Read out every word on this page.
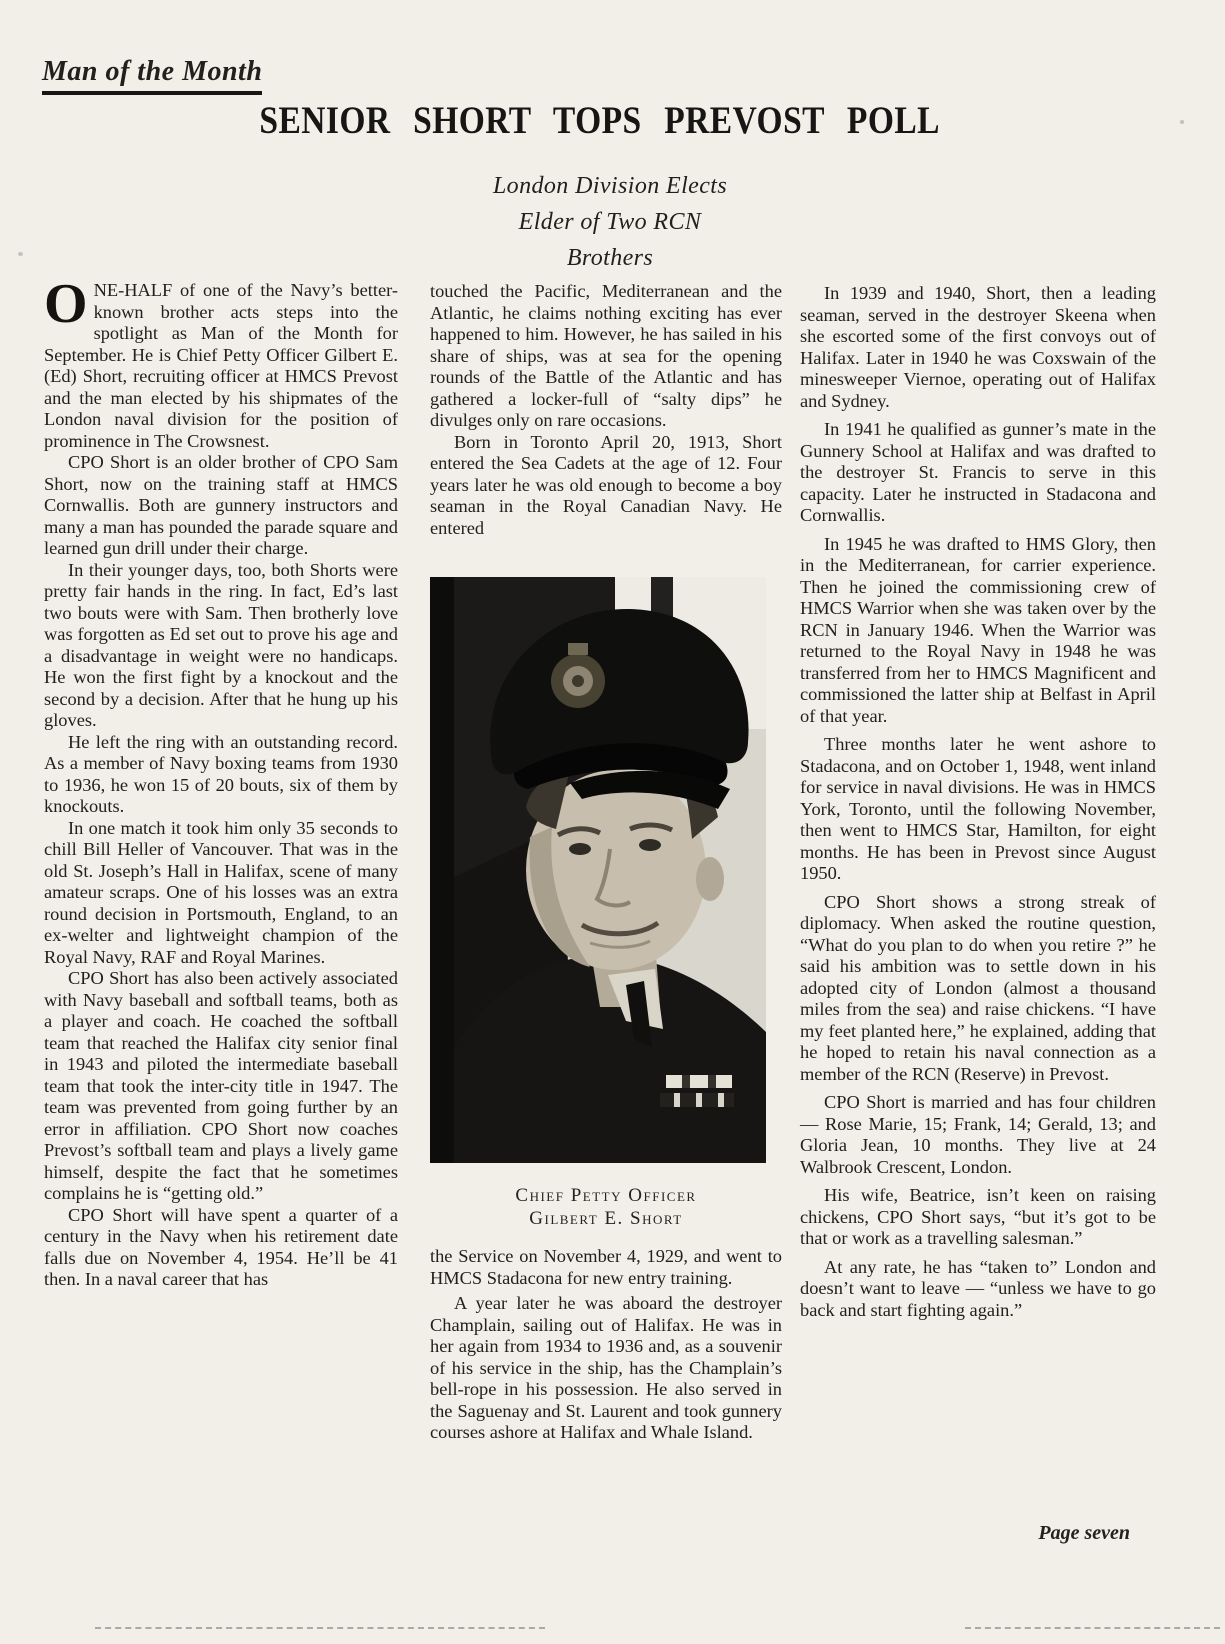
Man of the Month
SENIOR SHORT TOPS PREVOST POLL
London Division Elects
Elder of Two RCN
Brothers

ONE-HALF of one of the Navy’s better-known brother acts steps into the spotlight as Man of the Month for September. He is Chief Petty Officer Gilbert E. (Ed) Short, recruiting officer at HMCS Prevost and the man elected by his shipmates of the London naval division for the position of prominence in The Crowsnest.

CPO Short is an older brother of CPO Sam Short, now on the training staff at HMCS Cornwallis. Both are gunnery instructors and many a man has pounded the parade square and learned gun drill under their charge.

In their younger days, too, both Shorts were pretty fair hands in the ring. In fact, Ed’s last two bouts were with Sam. Then brotherly love was forgotten as Ed set out to prove his age and a disadvantage in weight were no handicaps. He won the first fight by a knockout and the second by a decision. After that he hung up his gloves.

He left the ring with an outstanding record. As a member of Navy boxing teams from 1930 to 1936, he won 15 of 20 bouts, six of them by knockouts.

In one match it took him only 35 seconds to chill Bill Heller of Vancouver. That was in the old St. Joseph’s Hall in Halifax, scene of many amateur scraps. One of his losses was an extra round decision in Portsmouth, England, to an ex-welter and lightweight champion of the Royal Navy, RAF and Royal Marines.

CPO Short has also been actively associated with Navy baseball and softball teams, both as a player and coach. He coached the softball team that reached the Halifax city senior final in 1943 and piloted the intermediate baseball team that took the inter-city title in 1947. The team was prevented from going further by an error in affiliation. CPO Short now coaches Prevost’s softball team and plays a lively game himself, despite the fact that he sometimes complains he is “getting old.”

CPO Short will have spent a quarter of a century in the Navy when his retirement date falls due on November 4, 1954. He’ll be 41 then. In a naval career that has

touched the Pacific, Mediterranean and the Atlantic, he claims nothing exciting has ever happened to him. However, he has sailed in his share of ships, was at sea for the opening rounds of the Battle of the Atlantic and has gathered a locker-full of “salty dips” he divulges only on rare occasions.

Born in Toronto April 20, 1913, Short entered the Sea Cadets at the age of 12. Four years later he was old enough to become a boy seaman in the Royal Canadian Navy. He entered

Chief Petty Officer
Gilbert E. Short

the Service on November 4, 1929, and went to HMCS Stadacona for new entry training.

A year later he was aboard the destroyer Champlain, sailing out of Halifax. He was in her again from 1934 to 1936 and, as a souvenir of his service in the ship, has the Champlain’s bell-rope in his possession. He also served in the Saguenay and St. Laurent and took gunnery courses ashore at Halifax and Whale Island.

In 1939 and 1940, Short, then a leading seaman, served in the destroyer Skeena when she escorted some of the first convoys out of Halifax. Later in 1940 he was Coxswain of the minesweeper Viernoe, operating out of Halifax and Sydney.

In 1941 he qualified as gunner’s mate in the Gunnery School at Halifax and was drafted to the destroyer St. Francis to serve in this capacity. Later he instructed in Stadacona and Cornwallis.

In 1945 he was drafted to HMS Glory, then in the Mediterranean, for carrier experience. Then he joined the commissioning crew of HMCS Warrior when she was taken over by the RCN in January 1946. When the Warrior was returned to the Royal Navy in 1948 he was transferred from her to HMCS Magnificent and commissioned the latter ship at Belfast in April of that year.

Three months later he went ashore to Stadacona, and on October 1, 1948, went inland for service in naval divisions. He was in HMCS York, Toronto, until the following November, then went to HMCS Star, Hamilton, for eight months. He has been in Prevost since August 1950.

CPO Short shows a strong streak of diplomacy. When asked the routine question, “What do you plan to do when you retire ?” he said his ambition was to settle down in his adopted city of London (almost a thousand miles from the sea) and raise chickens. “I have my feet planted here,” he explained, adding that he hoped to retain his naval connection as a member of the RCN (Reserve) in Prevost.

CPO Short is married and has four children — Rose Marie, 15; Frank, 14; Gerald, 13; and Gloria Jean, 10 months. They live at 24 Walbrook Crescent, London.

His wife, Beatrice, isn’t keen on raising chickens, CPO Short says, “but it’s got to be that or work as a travelling salesman.”

At any rate, he has “taken to” London and doesn’t want to leave — “unless we have to go back and start fighting again.”

Page seven
